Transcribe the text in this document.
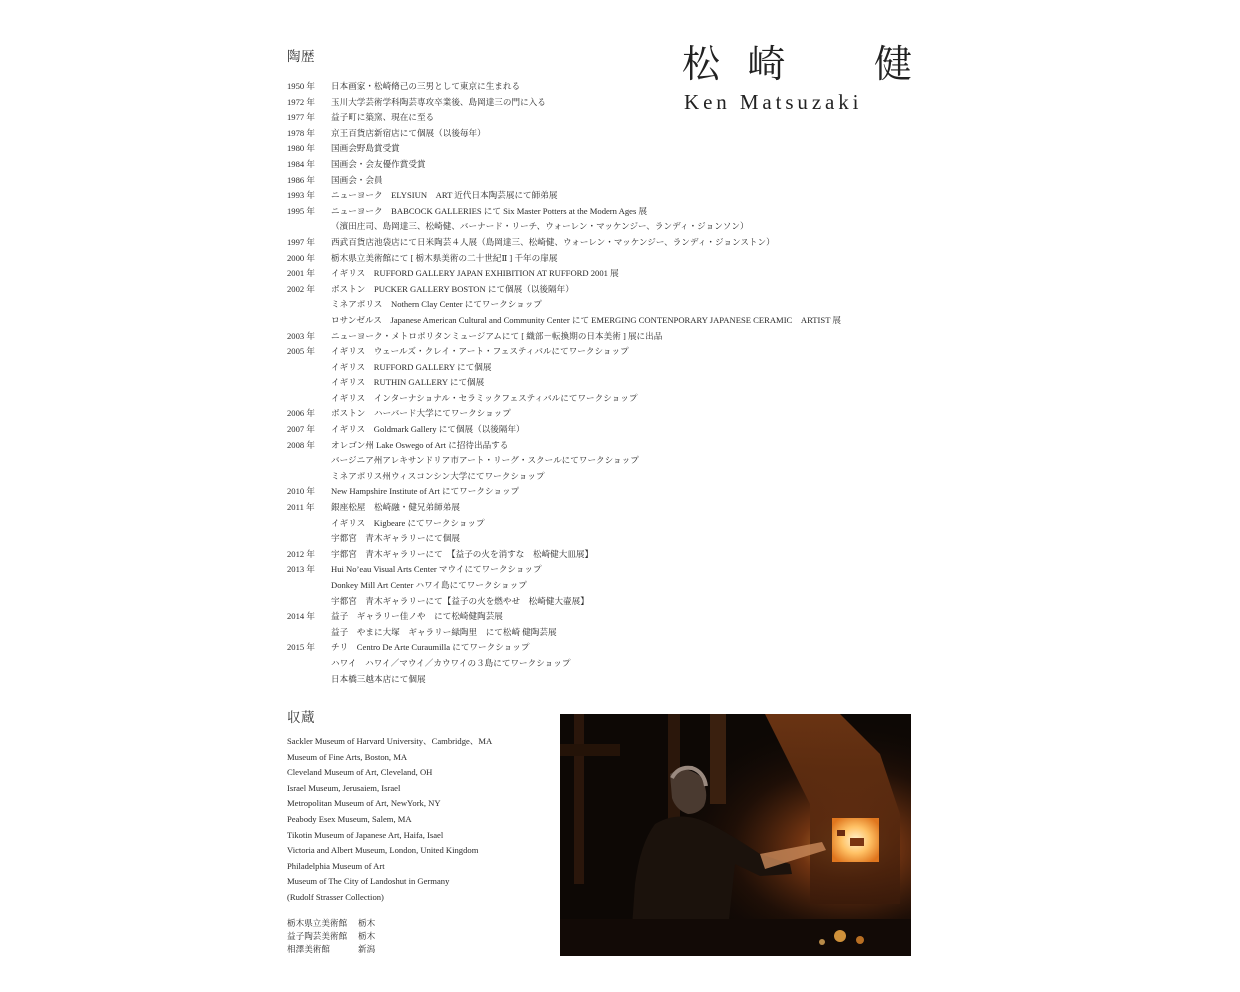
陶歴	松 崎 健
Ken Matsuzaki
1950 年	日本画家・松崎脩己の三男として東京に生まれる
1972 年	玉川大学芸術学科陶芸専攻卒業後、島岡達三の門に入る
1977 年	益子町に築窯、現在に至る
1978 年	京王百貨店新宿店にて個展（以後毎年）
1980 年	国画会野島賞受賞
1984 年	国画会・会友優作賞受賞
1986 年	国画会・会員
1993 年	ニューヨーク　ELYSIUN　ART 近代日本陶芸展にて師弟展
1995 年	ニューヨーク　BABCOCK GALLERIES にて Six Master Potters at the Modern Ages 展
（濱田庄司、島岡達三、松崎健、バーナード・リーチ、ウォーレン・マッケンジー、ランディ・ジョンソン）
1997 年	西武百貨店池袋店にて日米陶芸４人展（島岡達三、松崎健、ウォーレン・マッケンジー、ランディ・ジョンストン）
2000 年	栃木県立美術館にて [ 栃木県美術の二十世紀Ⅱ ] 千年の扉展
2001 年	イギリス　RUFFORD GALLERY JAPAN EXHIBITION AT RUFFORD 2001 展
2002 年	ボストン　PUCKER GALLERY BOSTON にて個展（以後隔年）
ミネアポリス　Nothern Clay Center にてワークショップ
ロサンゼルス　Japanese American Cultural and Community Center にて EMERGING CONTENPORARY JAPANESE CERAMIC　ARTIST 展
2003 年	ニューヨーク・メトロポリタンミュージアムにて [ 織部－転換期の日本美術 ] 展に出品
2005 年	イギリス　ウェールズ・クレイ・アート・フェスティバルにてワークショップ
イギリス　RUFFORD GALLERY にて個展
イギリス　RUTHIN GALLERY にて個展
イギリス　インターナショナル・セラミックフェスティバルにてワークショップ
2006 年	ボストン　ハーバード大学にてワークショップ
2007 年	イギリス　Goldmark Gallery にて個展（以後隔年）
2008 年	オレゴン州 Lake Oswego of Art に招待出品する
バージニア州アレキサンドリア市アート・リーグ・スクールにてワークショップ
ミネアポリス州ウィスコンシン大学にてワークショップ
2010 年	New Hampshire Institute of Art にてワークショップ
2011 年	銀座松屋　松崎融・健兄弟師弟展
イギリス　Kigbeare にてワークショップ
宇都宮　青木ギャラリーにて個展
2012 年	宇都宮　青木ギャラリーにて　【益子の火を消すな　松崎健大皿展】
2013 年	Hui No’eau Visual Arts Center マウイにてワークショップ
Donkey Mill Art Center ハワイ島にてワークショップ
宇都宮　青木ギャラリーにて【益子の火を燃やせ　松崎健大壷展】
2014 年	益子　ギャラリー佳ノや　にて松崎健陶芸展
益子　やまに大塚　ギャラリー緑陶里　にて松崎 健陶芸展
2015 年	チリ　Centro De Arte Curaumilla にてワークショップ
ハワイ　ハワイ／マウイ／カウワイの３島にてワークショップ
日本橋三越本店にて個展
収蔵
Sackler Museum of Harvard University、Cambridge、MA
Museum of Fine Arts, Boston, MA
Cleveland Museum of Art, Cleveland, OH
Israel Museum, Jerusaiem, Israel
Metropolitan Museum of Art, NewYork, NY
Peabody Esex Museum, Salem, MA
Tikotin Museum of Japanese Art, Haifa, Isael
Victoria and Albert Museum, London, United Kingdom
Philadelphia Museum of Art
Museum of The City of Landoshut in Germany
(Rudolf Strasser Collection)
栃木県立美術館	栃木
益子陶芸美術館	栃木
相澤美術館	新潟
